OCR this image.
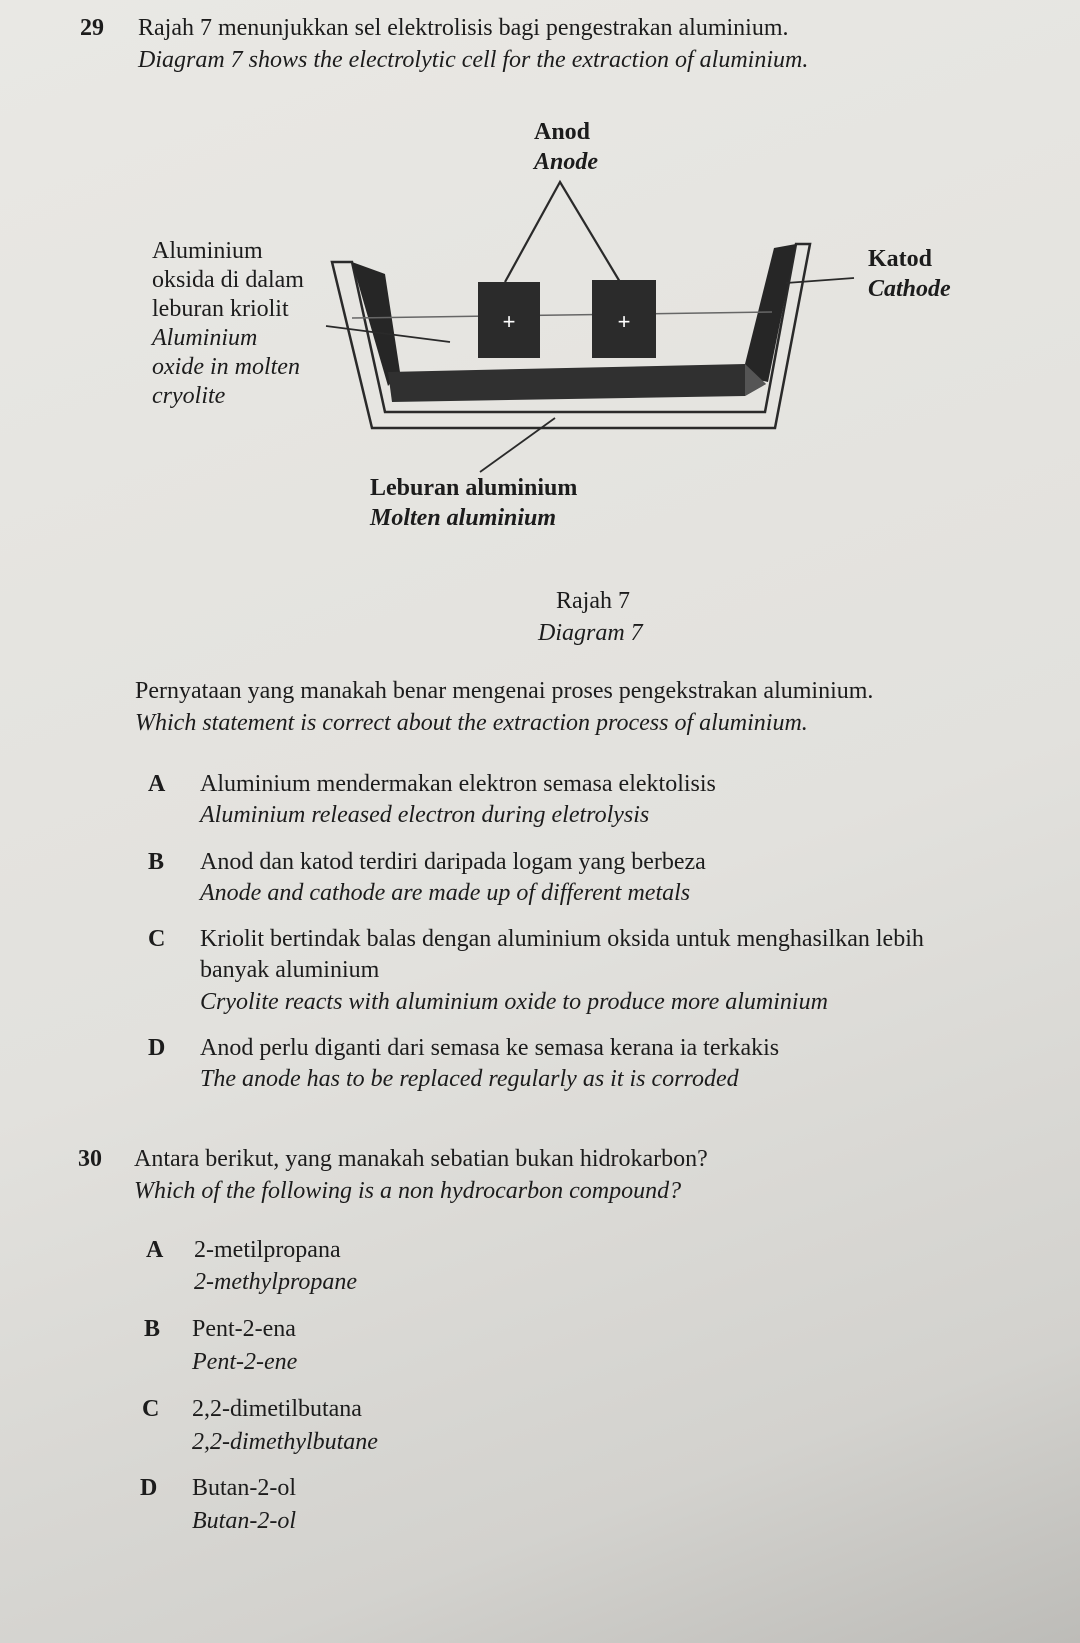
29 Rajah 7 menunjukkan sel elektrolisis bagi pengestrakan aluminium.
Diagram 7 shows the electrolytic cell for the extraction of aluminium.
+	+
Anod
Anode
Aluminium
oksida di dalam
leburan kriolit
Aluminium
oxide in molten
cryolite
Katod
Cathode
Leburan aluminium
Molten aluminium
Rajah 7
Diagram 7
Pernyataan yang manakah benar mengenai proses pengekstrakan aluminium.
Which statement is correct about the extraction process of aluminium.
A Aluminium mendermakan elektron semasa elektolisis
Aluminium released electron during eletrolysis
B Anod dan katod terdiri daripada logam yang berbeza
Anode and cathode are made up of different metals
C Kriolit bertindak balas dengan aluminium oksida untuk menghasilkan lebih
banyak aluminium
Cryolite reacts with aluminium oxide to produce more aluminium
D Anod perlu diganti dari semasa ke semasa kerana ia terkakis
The anode has to be replaced regularly as it is corroded
30 Antara berikut, yang manakah sebatian bukan hidrokarbon?
Which of the following is a non hydrocarbon compound?
A 2-metilpropana
2-methylpropane
B Pent-2-ena
Pent-2-ene
C 2,2-dimetilbutana
2,2-dimethylbutane
D Butan-2-ol
Butan-2-ol
